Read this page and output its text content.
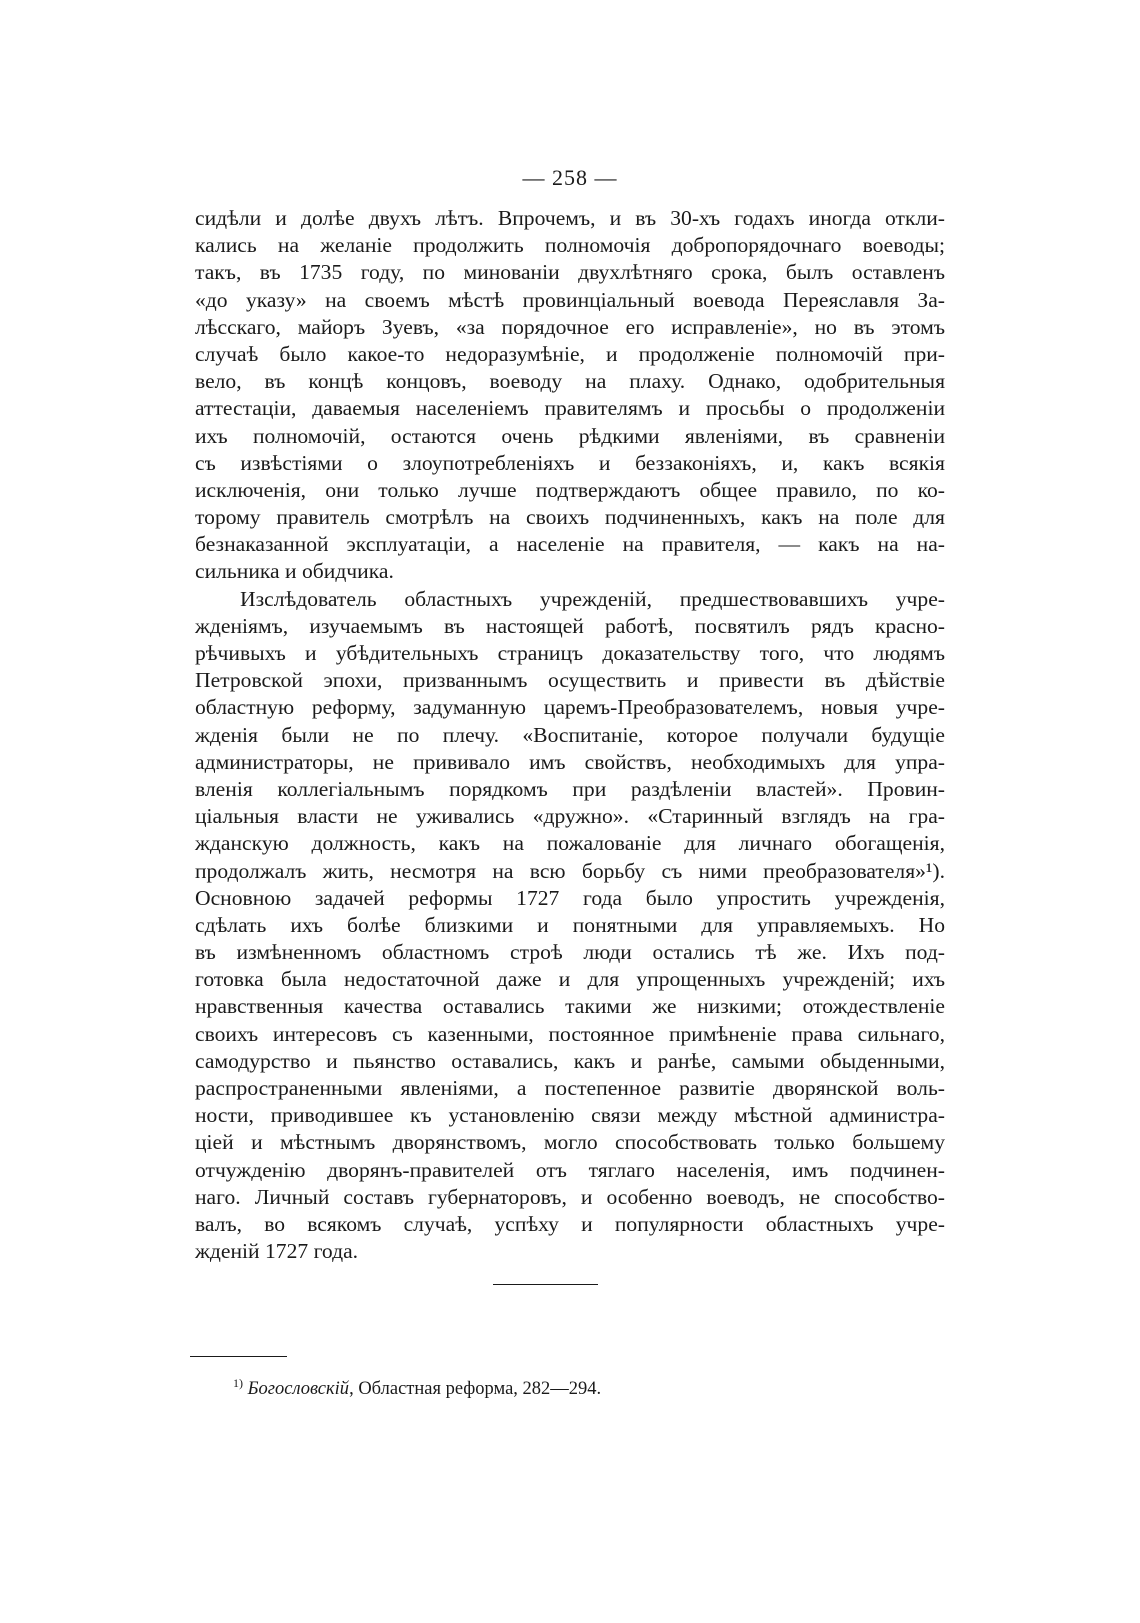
— 258 —
сидѣли и долѣе двухъ лѣтъ. Впрочемъ, и въ 30-хъ годахъ иногда откли-
кались на желаніе продолжить полномочія добропорядочнаго воеводы;
такъ, въ 1735 году, по минованіи двухлѣтняго срока, былъ оставленъ
«до указу» на своемъ мѣстѣ провинціальный воевода Переяславля За-
лѣсскаго, майоръ Зуевъ, «за порядочное его исправленіе», но въ этомъ
случаѣ было какое-то недоразумѣніе, и продолженіе полномочій при-
вело, въ концѣ концовъ, воеводу на плаху. Однако, одобрительныя
аттестаціи, даваемыя населеніемъ правителямъ и просьбы о продолженіи
ихъ полномочій, остаются очень рѣдкими явленіями, въ сравненіи
съ извѣстіями о злоупотребленіяхъ и беззаконіяхъ, и, какъ всякія
исключенія, они только лучше подтверждаютъ общее правило, по ко-
торому правитель смотрѣлъ на своихъ подчиненныхъ, какъ на поле для
безнаказанной эксплуатаціи, а населеніе на правителя, — какъ на на-
сильника и обидчика.
Изслѣдователь областныхъ учрежденій, предшествовавшихъ учре-
жденіямъ, изучаемымъ въ настоящей работѣ, посвятилъ рядъ красно-
рѣчивыхъ и убѣдительныхъ страницъ доказательству того, что людямъ
Петровской эпохи, призваннымъ осуществить и привести въ дѣйствіе
областную реформу, задуманную царемъ-Преобразователемъ, новыя учре-
жденія были не по плечу. «Воспитаніе, которое получали будущіе
администраторы, не прививало имъ свойствъ, необходимыхъ для упра-
вленія коллегіальнымъ порядкомъ при раздѣленіи властей». Провин-
ціальныя власти не уживались «дружно». «Старинный взглядъ на гра-
жданскую должность, какъ на пожалованіе для личнаго обогащенія,
продолжалъ жить, несмотря на всю борьбу съ ними преобразователя»¹).
Основною задачей реформы 1727 года было упростить учрежденія,
сдѣлать ихъ болѣе близкими и понятными для управляемыхъ. Но
въ измѣненномъ областномъ строѣ люди остались тѣ же. Ихъ под-
готовка была недостаточной даже и для упрощенныхъ учрежденій; ихъ
нравственныя качества оставались такими же низкими; отождествленіе
своихъ интересовъ съ казенными, постоянное примѣненіе права сильнаго,
самодурство и пьянство оставались, какъ и ранѣе, самыми обыденными,
распространенными явленіями, а постепенное развитіе дворянской воль-
ности, приводившее къ установленію связи между мѣстной администра-
ціей и мѣстнымъ дворянствомъ, могло способствовать только большему
отчужденію дворянъ-правителей отъ тяглаго населенія, имъ подчинен-
наго. Личный составъ губернаторовъ, и особенно воеводъ, не способство-
валъ, во всякомъ случаѣ, успѣху и популярности областныхъ учре-
жденій 1727 года.
$^{1)}$ Богословскій, Областная реформа, 282—294.
